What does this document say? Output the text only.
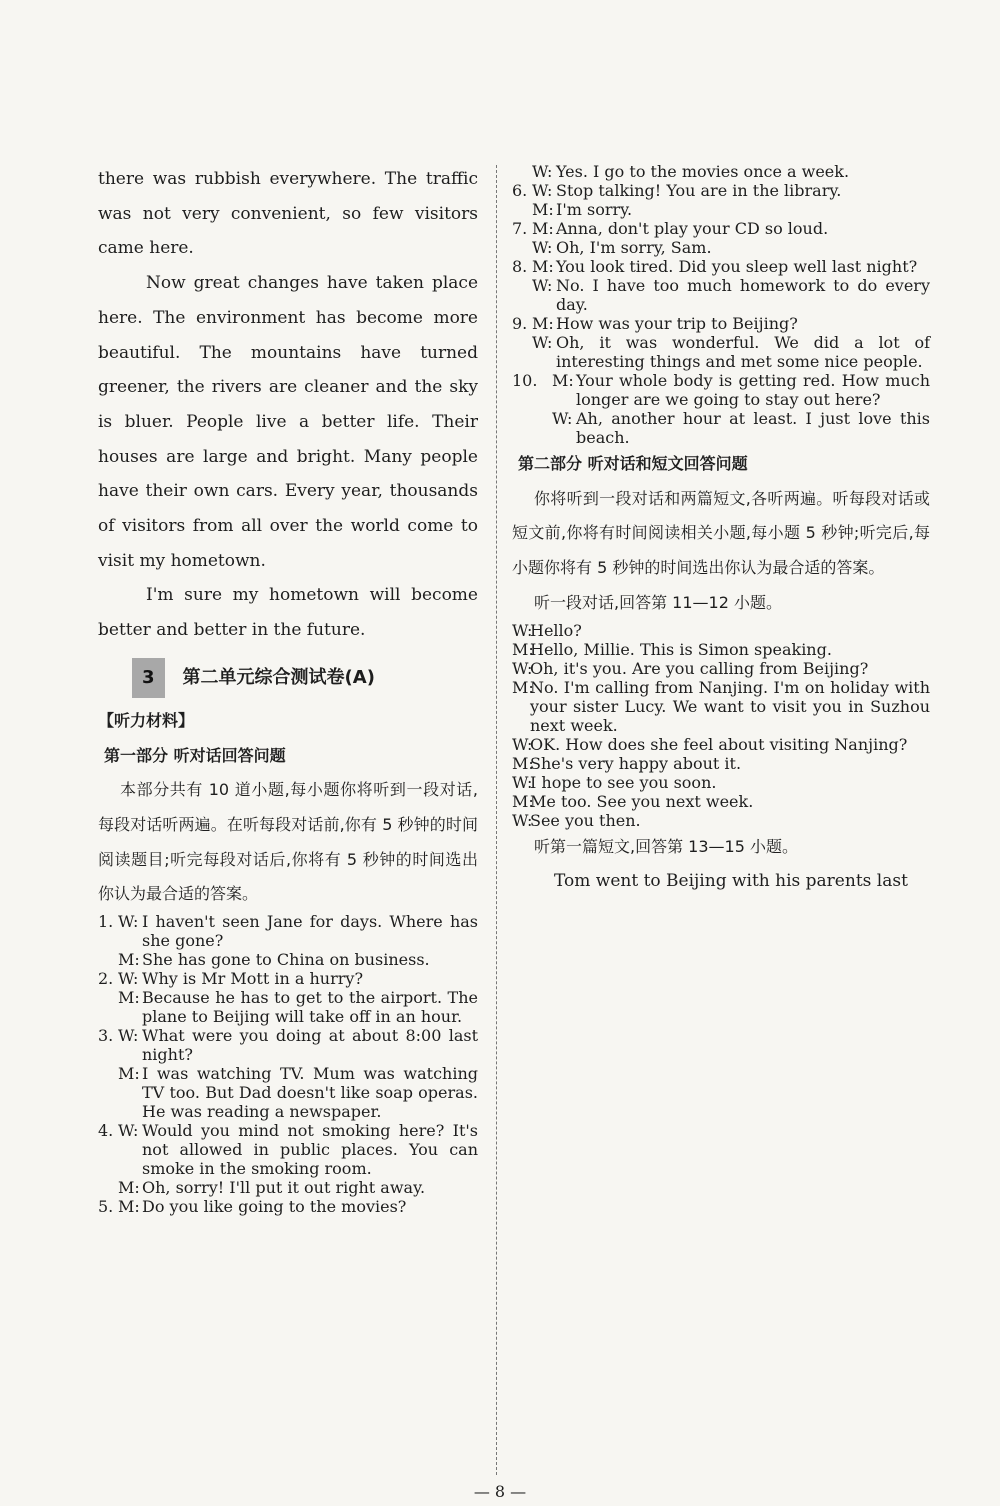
there was rubbish everywhere. The traffic was not very convenient, so few visitors came here.

Now great changes have taken place here. The environment has become more beautiful. The mountains have turned greener, the rivers are cleaner and the sky is bluer. People live a better life. Their houses are large and bright. Many people have their own cars. Every year, thousands of visitors from all over the world come to visit my hometown.

I'm sure my hometown will become better and better in the future.

3 第二单元综合测试卷(A)

【听力材料】

第一部分 听对话回答问题

本部分共有 10 道小题,每小题你将听到一段对话,每段对话听两遍。在听每段对话前,你有 5 秒钟的时间阅读题目;听完每段对话后,你将有 5 秒钟的时间选出你认为最合适的答案。

1. W: I haven't seen Jane for days. Where has she gone?
M: She has gone to China on business.
2. W: Why is Mr Mott in a hurry?
M: Because he has to get to the airport. The plane to Beijing will take off in an hour.
3. W: What were you doing at about 8:00 last night?
M: I was watching TV. Mum was watching TV too. But Dad doesn't like soap operas. He was reading a newspaper.
4. W: Would you mind not smoking here? It's not allowed in public places. You can smoke in the smoking room.
M: Oh, sorry! I'll put it out right away.
5. M: Do you like going to the movies?
W: Yes. I go to the movies once a week.
6. W: Stop talking! You are in the library.
M: I'm sorry.
7. M: Anna, don't play your CD so loud.
W: Oh, I'm sorry, Sam.
8. M: You look tired. Did you sleep well last night?
W: No. I have too much homework to do every day.
9. M: How was your trip to Beijing?
W: Oh, it was wonderful. We did a lot of interesting things and met some nice people.
10. M: Your whole body is getting red. How much longer are we going to stay out here?
W: Ah, another hour at least. I just love this beach.

第二部分 听对话和短文回答问题

你将听到一段对话和两篇短文,各听两遍。听每段对话或短文前,你将有时间阅读相关小题,每小题 5 秒钟;听完后,每小题你将有 5 秒钟的时间选出你认为最合适的答案。

听一段对话,回答第 11—12 小题。

W:
Hello?
M:
Hello, Millie. This is Simon speaking.
W:
Oh, it's you. Are you calling from Beijing?
M:
No. I'm calling from Nanjing. I'm on holiday with your sister Lucy. We want to visit you in Suzhou next week.
W:
OK. How does she feel about visiting Nanjing?
M:
She's very happy about it.
W:
I hope to see you soon.
M:
Me too. See you next week.
W:
See you then.

听第一篇短文,回答第 13—15 小题。

Tom went to Beijing with his parents last

— 8 —
